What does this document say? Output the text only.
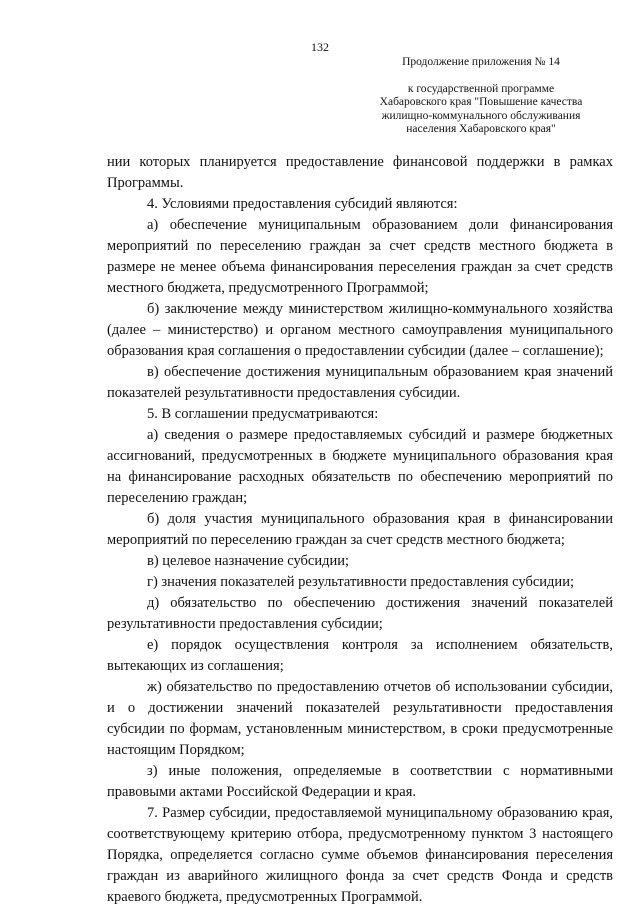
132
Продолжение приложения № 14
к государственной программе Хабаровского края "Повышение качества жилищно-коммунального обслуживания населения Хабаровского края"

нии которых планируется предоставление финансовой поддержки в рамках Программы.

4. Условиями предоставления субсидий являются:

а) обеспечение муниципальным образованием доли финансирования мероприятий по переселению граждан за счет средств местного бюджета в размере не менее объема финансирования переселения граждан за счет средств местного бюджета, предусмотренного Программой;

б) заключение между министерством жилищно-коммунального хозяйства (далее – министерство) и органом местного самоуправления муниципального образования края соглашения о предоставлении субсидии (далее – соглашение);

в) обеспечение достижения муниципальным образованием края значений показателей результативности предоставления субсидии.

5. В соглашении предусматриваются:

а) сведения о размере предоставляемых субсидий и размере бюджетных ассигнований, предусмотренных в бюджете муниципального образования края на финансирование расходных обязательств по обеспечению мероприятий по переселению граждан;

б) доля участия муниципального образования края в финансировании мероприятий по переселению граждан за счет средств местного бюджета;

в) целевое назначение субсидии;

г) значения показателей результативности предоставления субсидии;

д) обязательство по обеспечению достижения значений показателей результативности предоставления субсидии;

е) порядок осуществления контроля за исполнением обязательств, вытекающих из соглашения;

ж) обязательство по предоставлению отчетов об использовании субсидии, и о достижении значений показателей результативности предоставления субсидии по формам, установленным министерством, в сроки предусмотренные настоящим Порядком;

з) иные положения, определяемые в соответствии с нормативными правовыми актами Российской Федерации и края.

7. Размер субсидии, предоставляемой муниципальному образованию края, соответствующему критерию отбора, предусмотренному пунктом 3 настоящего Порядка, определяется согласно сумме объемов финансирования переселения граждан из аварийного жилищного фонда за счет средств Фонда и средств краевого бюджета, предусмотренных Программой.
